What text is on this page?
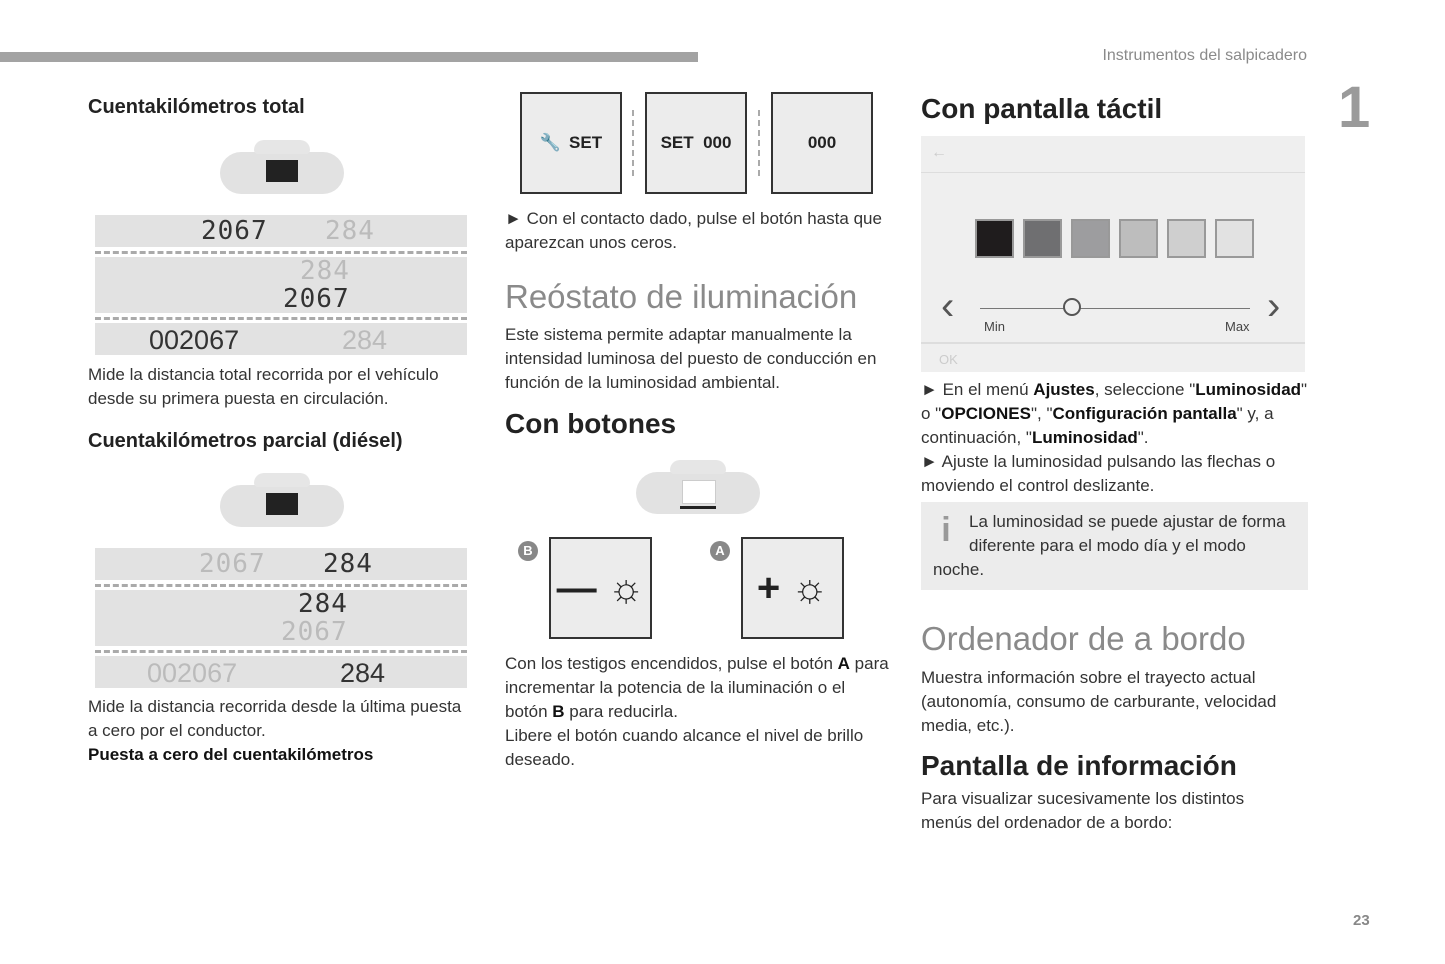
Instrumentos del salpicadero
1
23
Cuentakilómetros total
2067 284
284
2067
002067	284
Mide la distancia total recorrida por el vehículo desde su primera puesta en circulación.
Cuentakilómetros parcial (diésel)
2067 284
284
2067
002067	284
Mide la distancia recorrida desde la última puesta a cero por el conductor.
Puesta a cero del cuentakilómetros
🔧 SET	SET  000	000
► Con el contacto dado, pulse el botón hasta que aparezcan unos ceros.
Reóstato de iluminación
Este sistema permite adaptar manualmente la intensidad luminosa del puesto de conducción en función de la luminosidad ambiental.
Con botones
B
—
☼
A
+
☼
Con los testigos encendidos, pulse el botón A para incrementar la potencia de la iluminación o el botón B para reducirla.
Libere el botón cuando alcance el nivel de brillo deseado.
Con pantalla táctil
←
‹	›
Min	Max
OK
► En el menú Ajustes, seleccione "Luminosidad" o "OPCIONES", "Configuración pantalla" y, a continuación, "Luminosidad".
► Ajuste la luminosidad pulsando las flechas o moviendo el control deslizante.
i	La luminosidad se puede ajustar de forma diferente para el modo día y el modo noche.
Ordenador de a bordo
Muestra información sobre el trayecto actual (autonomía, consumo de carburante, velocidad media, etc.).
Pantalla de información
Para visualizar sucesivamente los distintos menús del ordenador de a bordo:
